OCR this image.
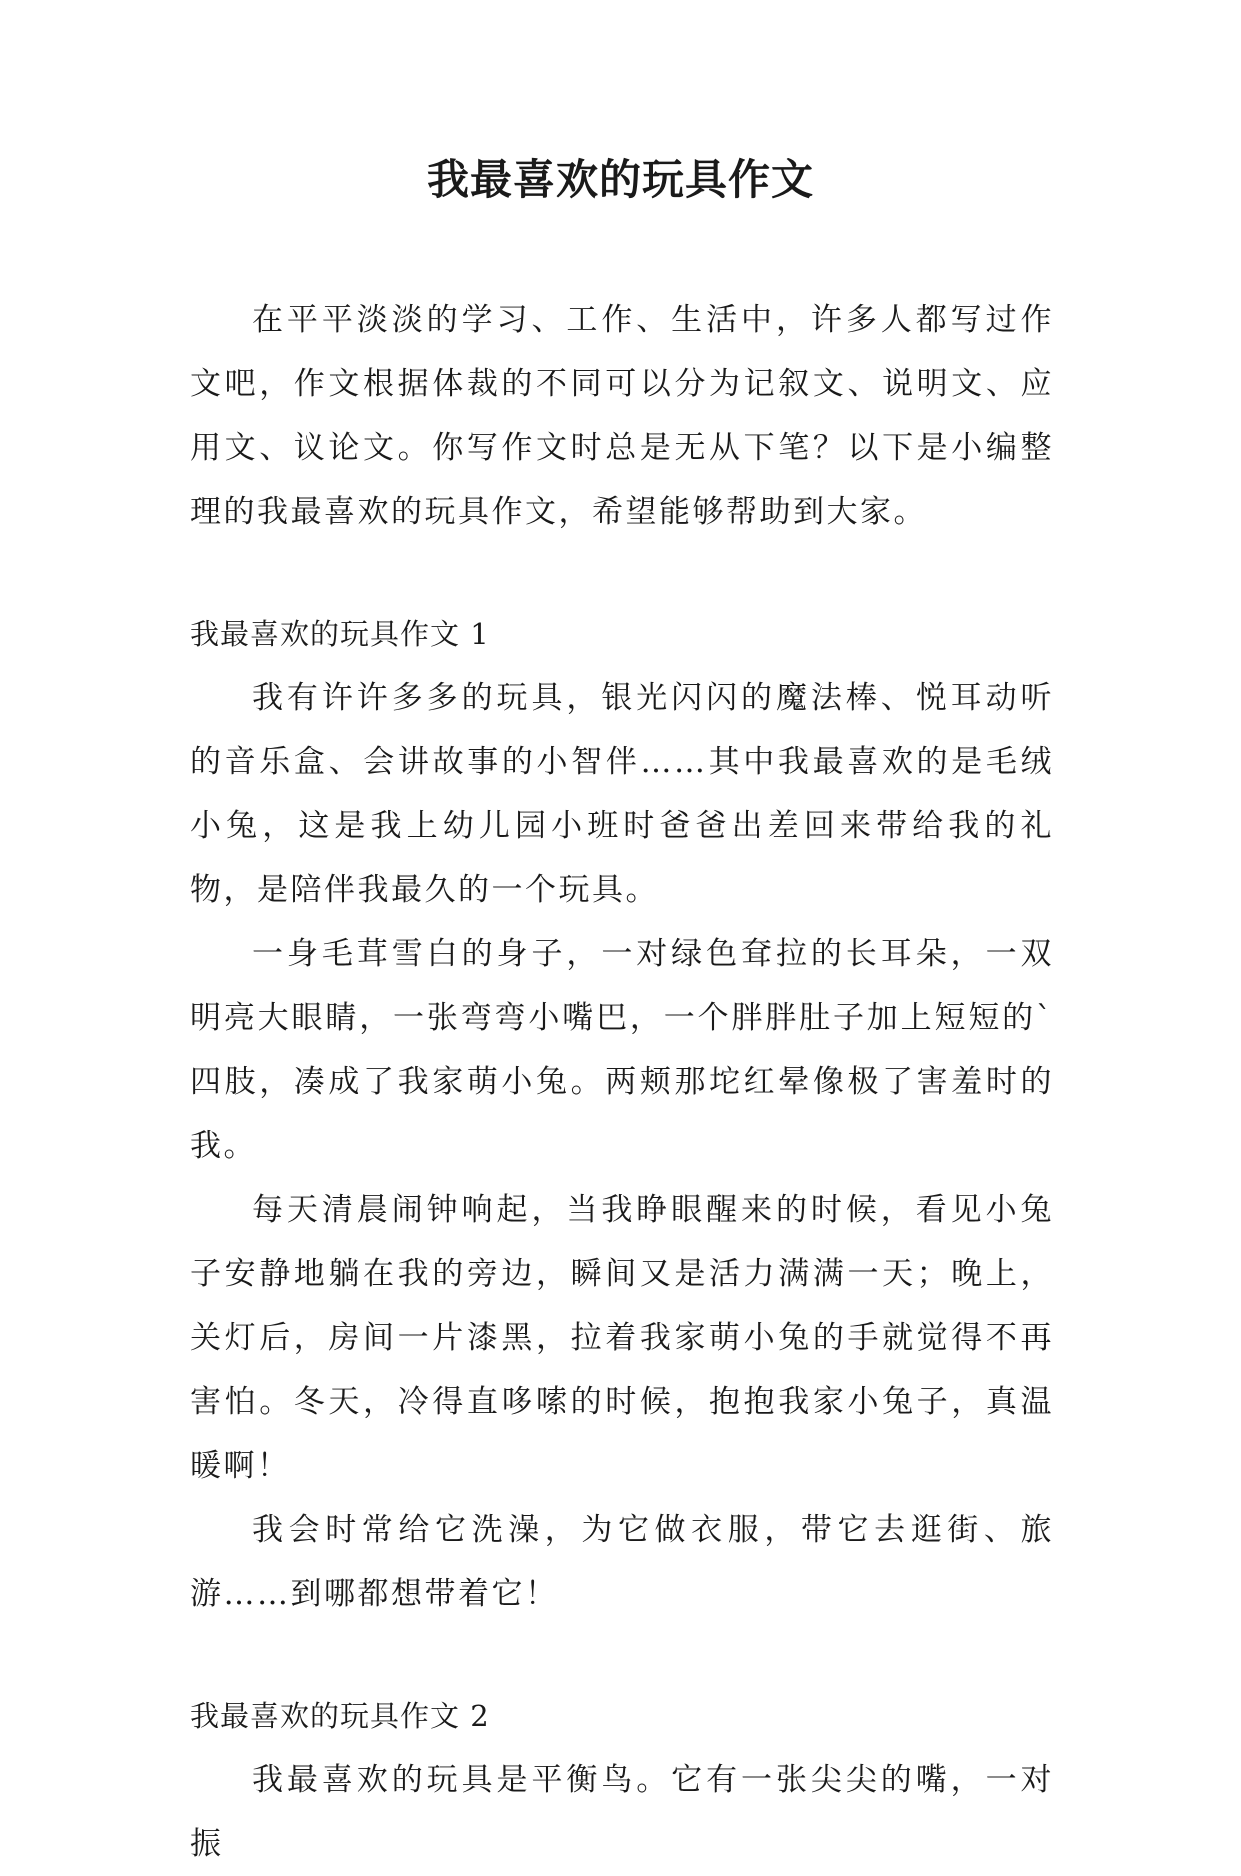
我最喜欢的玩具作文

在平平淡淡的学习、工作、生活中，许多人都写过作文吧，作文根据体裁的不同可以分为记叙文、说明文、应用文、议论文。你写作文时总是无从下笔？以下是小编整理的我最喜欢的玩具作文，希望能够帮助到大家。

我最喜欢的玩具作文 1

我有许许多多的玩具，银光闪闪的魔法棒、悦耳动听的音乐盒、会讲故事的小智伴……其中我最喜欢的是毛绒小兔，这是我上幼儿园小班时爸爸出差回来带给我的礼物，是陪伴我最久的一个玩具。

一身毛茸雪白的身子，一对绿色耷拉的长耳朵，一双明亮大眼睛，一张弯弯小嘴巴，一个胖胖肚子加上短短的`四肢，凑成了我家萌小兔。两颊那坨红晕像极了害羞时的我。

每天清晨闹钟响起，当我睁眼醒来的时候，看见小兔子安静地躺在我的旁边，瞬间又是活力满满一天；晚上，关灯后，房间一片漆黑，拉着我家萌小兔的手就觉得不再害怕。冬天，冷得直哆嗦的时候，抱抱我家小兔子，真温暖啊！

我会时常给它洗澡，为它做衣服，带它去逛街、旅游……到哪都想带着它！

我最喜欢的玩具作文 2

我最喜欢的玩具是平衡鸟。它有一张尖尖的嘴，一对振
